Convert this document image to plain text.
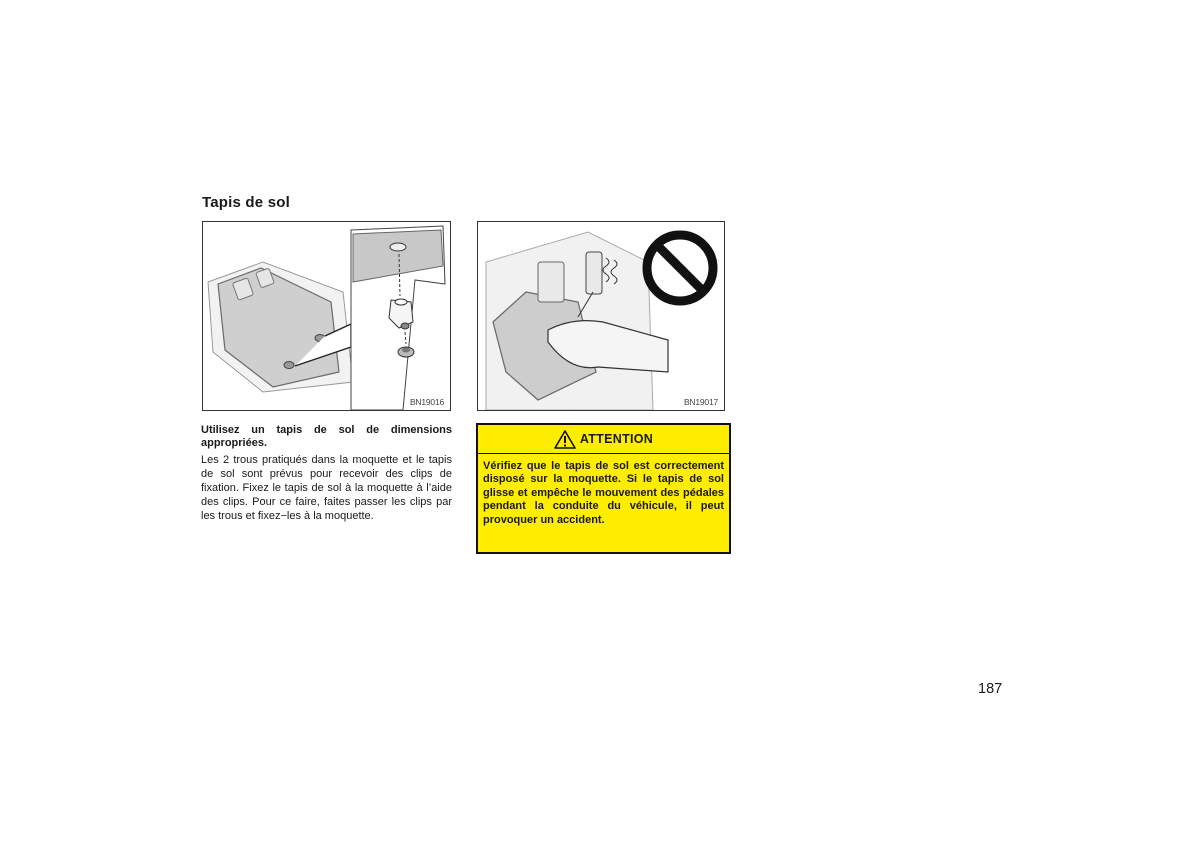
Tapis de sol
BN19016	BN19017
Utilisez un tapis de sol de dimensions appropriées.
Les 2 trous pratiqués dans la moquette et le tapis de sol sont prévus pour recevoir des clips de fixation. Fixez le tapis de sol à la moquette à l’aide des clips. Pour ce faire, faites passer les clips par les trous et fixez−les à la moquette.
ATTENTION
Vérifiez que le tapis de sol est correctement disposé sur la moquette. Si le tapis de sol glisse et empêche le mouvement des pédales pendant la conduite du véhicule, il peut provoquer un accident.
187
